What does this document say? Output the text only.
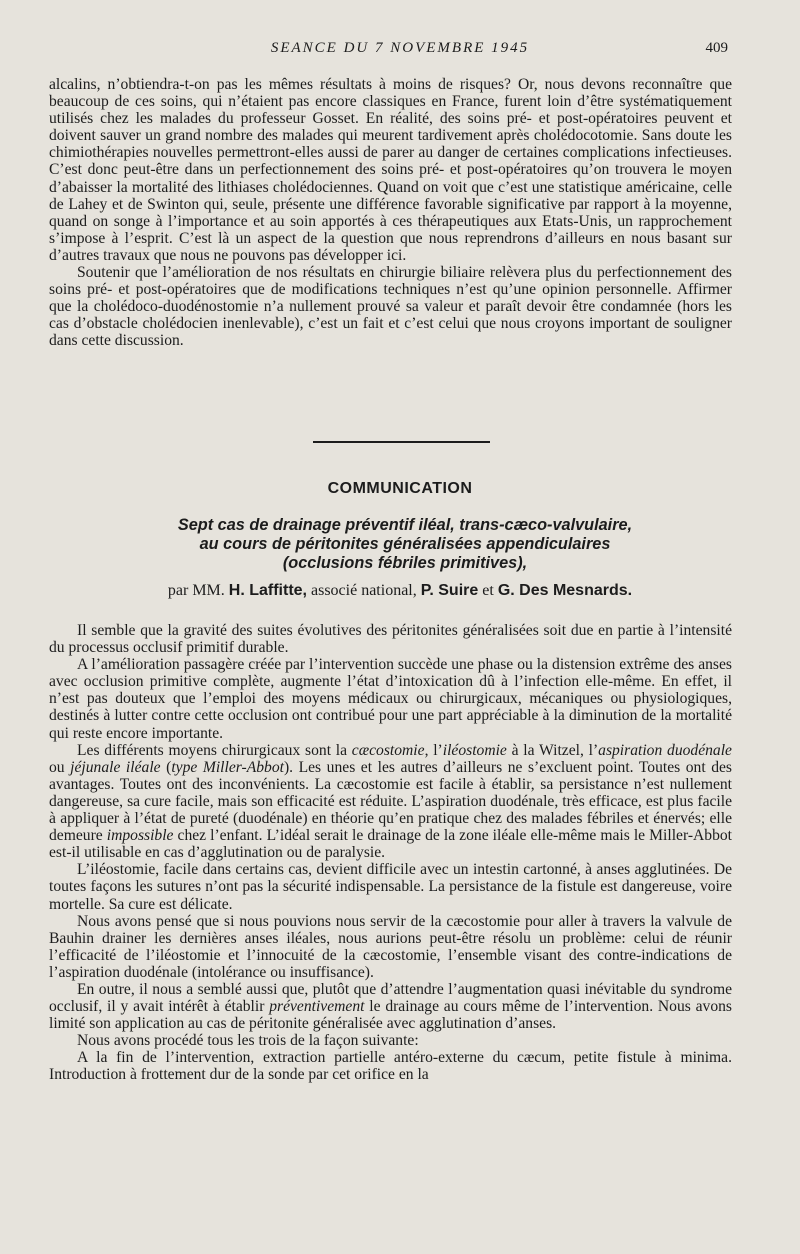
SEANCE DU 7 NOVEMBRE 1945	409

alcalins, n’obtiendra-t-on pas les mêmes résultats à moins de risques? Or, nous devons reconnaître que beaucoup de ces soins, qui n’étaient pas encore classiques en France, furent loin d’être systématiquement utilisés chez les malades du professeur Gosset. En réalité, des soins pré- et post-opératoires peuvent et doivent sauver un grand nombre des malades qui meurent tardivement après cholédocotomie. Sans doute les chimiothérapies nouvelles permettront-elles aussi de parer au danger de certaines complications infectieuses. C’est donc peut-être dans un perfectionnement des soins pré- et post-opératoires qu’on trouvera le moyen d’abaisser la mortalité des lithiases cholédociennes. Quand on voit que c’est une statistique américaine, celle de Lahey et de Swinton qui, seule, présente une différence favorable significative par rapport à la moyenne, quand on songe à l’importance et au soin apportés à ces thérapeutiques aux Etats-Unis, un rapprochement s’impose à l’esprit. C’est là un aspect de la question que nous reprendrons d’ailleurs en nous basant sur d’autres travaux que nous ne pouvons pas développer ici.

Soutenir que l’amélioration de nos résultats en chirurgie biliaire relèvera plus du perfectionnement des soins pré- et post-opératoires que de modifications techniques n’est qu’une opinion personnelle. Affirmer que la cholédoco-duodénostomie n’a nullement prouvé sa valeur et paraît devoir être condamnée (hors les cas d’obstacle cholédocien inenlevable), c’est un fait et c’est celui que nous croyons important de souligner dans cette discussion.

COMMUNICATION
Sept cas de drainage préventif iléal, trans-cæco-valvulaire,
au cours de péritonites généralisées appendiculaires
(occlusions fébriles primitives),
par MM. H. Laffitte, associé national, P. Suire et G. Des Mesnards.

Il semble que la gravité des suites évolutives des péritonites généralisées soit due en partie à l’intensité du processus occlusif primitif durable.

A l’amélioration passagère créée par l’intervention succède une phase ou la distension extrême des anses avec occlusion primitive complète, augmente l’état d’intoxication dû à l’infection elle-même. En effet, il n’est pas douteux que l’emploi des moyens médicaux ou chirurgicaux, mécaniques ou physiologiques, destinés à lutter contre cette occlusion ont contribué pour une part appréciable à la diminution de la mortalité qui reste encore importante.

Les différents moyens chirurgicaux sont la cæcostomie, l’iléostomie à la Witzel, l’aspiration duodénale ou jéjunale iléale (type Miller-Abbot). Les unes et les autres d’ailleurs ne s’excluent point. Toutes ont des avantages. Toutes ont des inconvénients. La cæcostomie est facile à établir, sa persistance n’est nullement dangereuse, sa cure facile, mais son efficacité est réduite. L’aspiration duodénale, très efficace, est plus facile à appliquer à l’état de pureté (duodénale) en théorie qu’en pratique chez des malades fébriles et énervés; elle demeure impossible chez l’enfant. L’idéal serait le drainage de la zone iléale elle-même mais le Miller-Abbot est-il utilisable en cas d’agglutination ou de paralysie.

L’iléostomie, facile dans certains cas, devient difficile avec un intestin cartonné, à anses agglutinées. De toutes façons les sutures n’ont pas la sécurité indispensable. La persistance de la fistule est dangereuse, voire mortelle. Sa cure est délicate.

Nous avons pensé que si nous pouvions nous servir de la cæcostomie pour aller à travers la valvule de Bauhin drainer les dernières anses iléales, nous aurions peut-être résolu un problème: celui de réunir l’efficacité de l’iléostomie et l’innocuité de la cæcostomie, l’ensemble visant des contre-indications de l’aspiration duodénale (intolérance ou insuffisance).

En outre, il nous a semblé aussi que, plutôt que d’attendre l’augmentation quasi inévitable du syndrome occlusif, il y avait intérêt à établir préventivement le drainage au cours même de l’intervention. Nous avons limité son application au cas de péritonite généralisée avec agglutination d’anses.

Nous avons procédé tous les trois de la façon suivante:

A la fin de l’intervention, extraction partielle antéro-externe du cæcum, petite fistule à minima. Introduction à frottement dur de la sonde par cet orifice en la
